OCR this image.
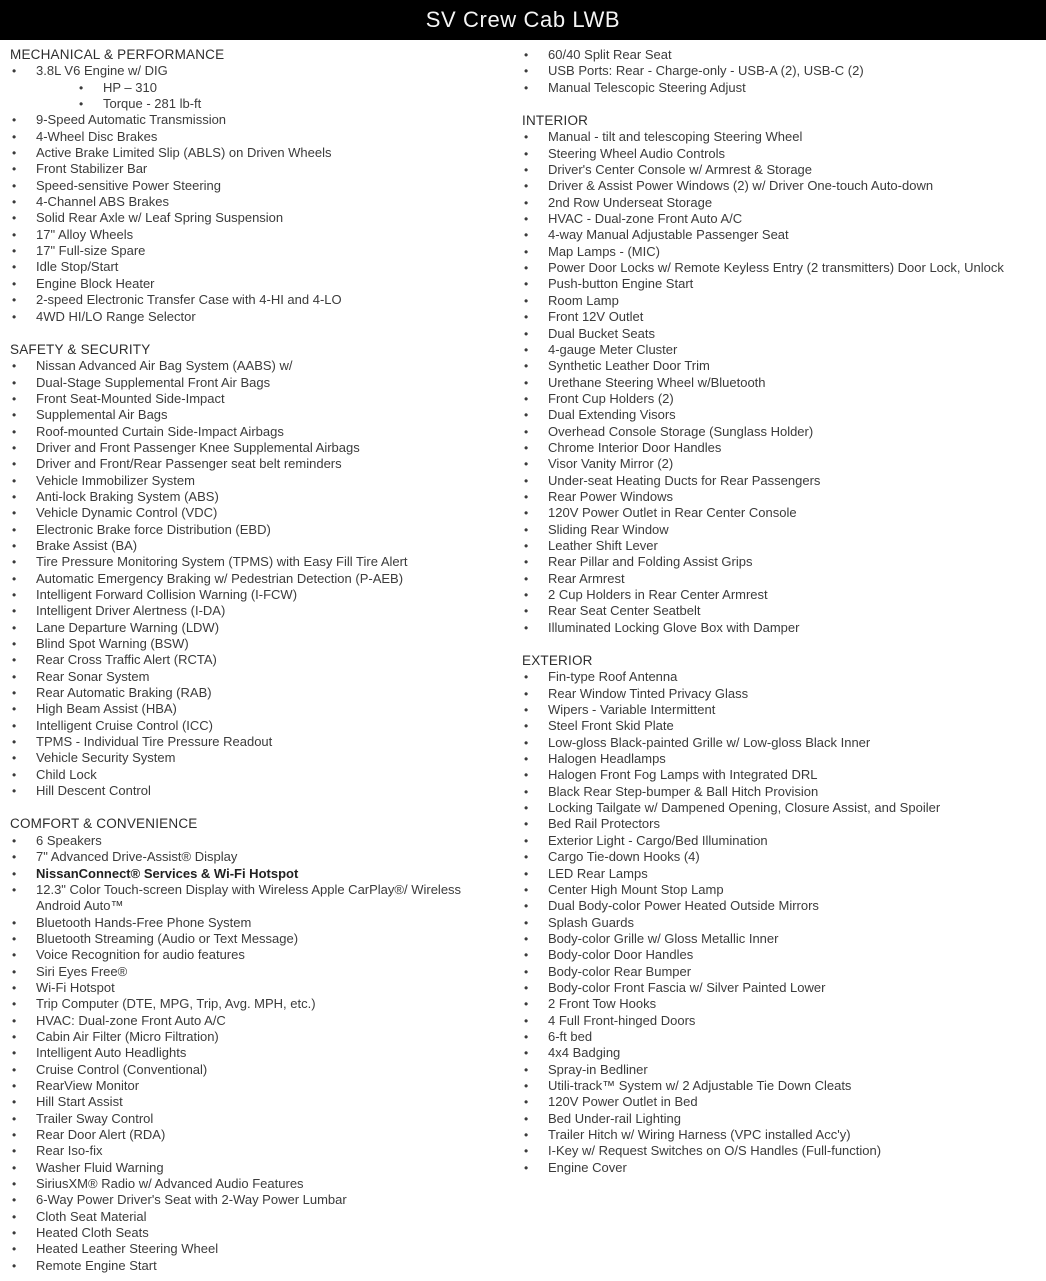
SV Crew Cab LWB
MECHANICAL & PERFORMANCE
• 3.8L V6 Engine w/ DIG
• HP – 310
• Torque - 281 lb-ft
• 9-Speed Automatic Transmission
• 4-Wheel Disc Brakes
• Active Brake Limited Slip (ABLS) on Driven Wheels
• Front Stabilizer Bar
• Speed-sensitive Power Steering
• 4-Channel ABS Brakes
• Solid Rear Axle w/ Leaf Spring Suspension
• 17" Alloy Wheels
• 17" Full-size Spare
• Idle Stop/Start
• Engine Block Heater
• 2-speed Electronic Transfer Case with 4-HI and 4-LO
• 4WD HI/LO Range Selector
SAFETY & SECURITY
• Nissan Advanced Air Bag System (AABS) w/
• Dual-Stage Supplemental Front Air Bags
• Front Seat-Mounted Side-Impact
• Supplemental Air Bags
• Roof-mounted Curtain Side-Impact Airbags
• Driver and Front Passenger Knee Supplemental Airbags
• Driver and Front/Rear Passenger seat belt reminders
• Vehicle Immobilizer System
• Anti-lock Braking System (ABS)
• Vehicle Dynamic Control (VDC)
• Electronic Brake force Distribution (EBD)
• Brake Assist (BA)
• Tire Pressure Monitoring System (TPMS) with Easy Fill Tire Alert
• Automatic Emergency Braking w/ Pedestrian Detection (P-AEB)
• Intelligent Forward Collision Warning (I-FCW)
• Intelligent Driver Alertness (I-DA)
• Lane Departure Warning (LDW)
• Blind Spot Warning (BSW)
• Rear Cross Traffic Alert (RCTA)
• Rear Sonar System
• Rear Automatic Braking (RAB)
• High Beam Assist (HBA)
• Intelligent Cruise Control (ICC)
• TPMS - Individual Tire Pressure Readout
• Vehicle Security System
• Child Lock
• Hill Descent Control
COMFORT & CONVENIENCE
• 6 Speakers
• 7" Advanced Drive-Assist® Display
• NissanConnect® Services & Wi-Fi Hotspot
• 12.3" Color Touch-screen Display with Wireless Apple CarPlay®/ Wireless Android Auto™
• Bluetooth Hands-Free Phone System
• Bluetooth Streaming (Audio or Text Message)
• Voice Recognition for audio features
• Siri Eyes Free®
• Wi-Fi Hotspot
• Trip Computer (DTE, MPG, Trip, Avg. MPH, etc.)
• HVAC: Dual-zone Front Auto A/C
• Cabin Air Filter (Micro Filtration)
• Intelligent Auto Headlights
• Cruise Control (Conventional)
• RearView Monitor
• Hill Start Assist
• Trailer Sway Control
• Rear Door Alert (RDA)
• Rear Iso-fix
• Washer Fluid Warning
• SiriusXM® Radio w/ Advanced Audio Features
• 6-Way Power Driver's Seat with 2-Way Power Lumbar
• Cloth Seat Material
• Heated Cloth Seats
• Heated Leather Steering Wheel
• Remote Engine Start
• 60/40 Split Rear Seat
• USB Ports: Rear - Charge-only - USB-A (2), USB-C (2)
• Manual Telescopic Steering Adjust
INTERIOR
• Manual - tilt and telescoping Steering Wheel
• Steering Wheel Audio Controls
• Driver's Center Console w/ Armrest & Storage
• Driver & Assist Power Windows (2) w/ Driver One-touch Auto-down
• 2nd Row Underseat Storage
• HVAC - Dual-zone Front Auto A/C
• 4-way Manual Adjustable Passenger Seat
• Map Lamps - (MIC)
• Power Door Locks w/ Remote Keyless Entry (2 transmitters) Door Lock, Unlock
• Push-button Engine Start
• Room Lamp
• Front 12V Outlet
• Dual Bucket Seats
• 4-gauge Meter Cluster
• Synthetic Leather Door Trim
• Urethane Steering Wheel w/Bluetooth
• Front Cup Holders (2)
• Dual Extending Visors
• Overhead Console Storage (Sunglass Holder)
• Chrome Interior Door Handles
• Visor Vanity Mirror (2)
• Under-seat Heating Ducts for Rear Passengers
• Rear Power Windows
• 120V Power Outlet in Rear Center Console
• Sliding Rear Window
• Leather Shift Lever
• Rear Pillar and Folding Assist Grips
• Rear Armrest
• 2 Cup Holders in Rear Center Armrest
• Rear Seat Center Seatbelt
• Illuminated Locking Glove Box with Damper
EXTERIOR
• Fin-type Roof Antenna
• Rear Window Tinted Privacy Glass
• Wipers - Variable Intermittent
• Steel Front Skid Plate
• Low-gloss Black-painted Grille w/ Low-gloss Black Inner
• Halogen Headlamps
• Halogen Front Fog Lamps with Integrated DRL
• Black Rear Step-bumper & Ball Hitch Provision
• Locking Tailgate w/ Dampened Opening, Closure Assist, and Spoiler
• Bed Rail Protectors
• Exterior Light - Cargo/Bed Illumination
• Cargo Tie-down Hooks (4)
• LED Rear Lamps
• Center High Mount Stop Lamp
• Dual Body-color Power Heated Outside Mirrors
• Splash Guards
• Body-color Grille w/ Gloss Metallic Inner
• Body-color Door Handles
• Body-color Rear Bumper
• Body-color Front Fascia w/ Silver Painted Lower
• 2 Front Tow Hooks
• 4 Full Front-hinged Doors
• 6-ft bed
• 4x4 Badging
• Spray-in Bedliner
• Utili-track™ System w/ 2 Adjustable Tie Down Cleats
• 120V Power Outlet in Bed
• Bed Under-rail Lighting
• Trailer Hitch w/ Wiring Harness (VPC installed Acc'y)
• I-Key w/ Request Switches on O/S Handles (Full-function)
• Engine Cover
